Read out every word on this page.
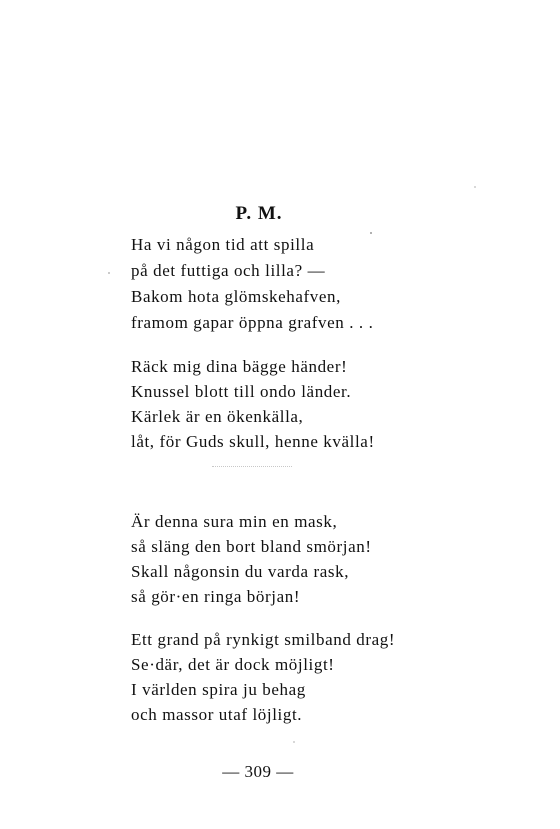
P. M.
Ha vi någon tid att spilla
på det futtiga och lilla? —
Bakom hota glömskehafven,
framom gapar öppna grafven . . .
Räck mig dina bägge händer!
Knussel blott till ondo länder.
Kärlek är en ökenkälla,
låt, för Guds skull, henne kvälla!
Är denna sura min en mask,
så släng den bort bland smörjan!
Skall någonsin du varda rask,
så gör·en ringa början!
Ett grand på rynkigt smilband drag!
Se·där, det är dock möjligt!
I världen spira ju behag
och massor utaf löjligt.
— 309 —
